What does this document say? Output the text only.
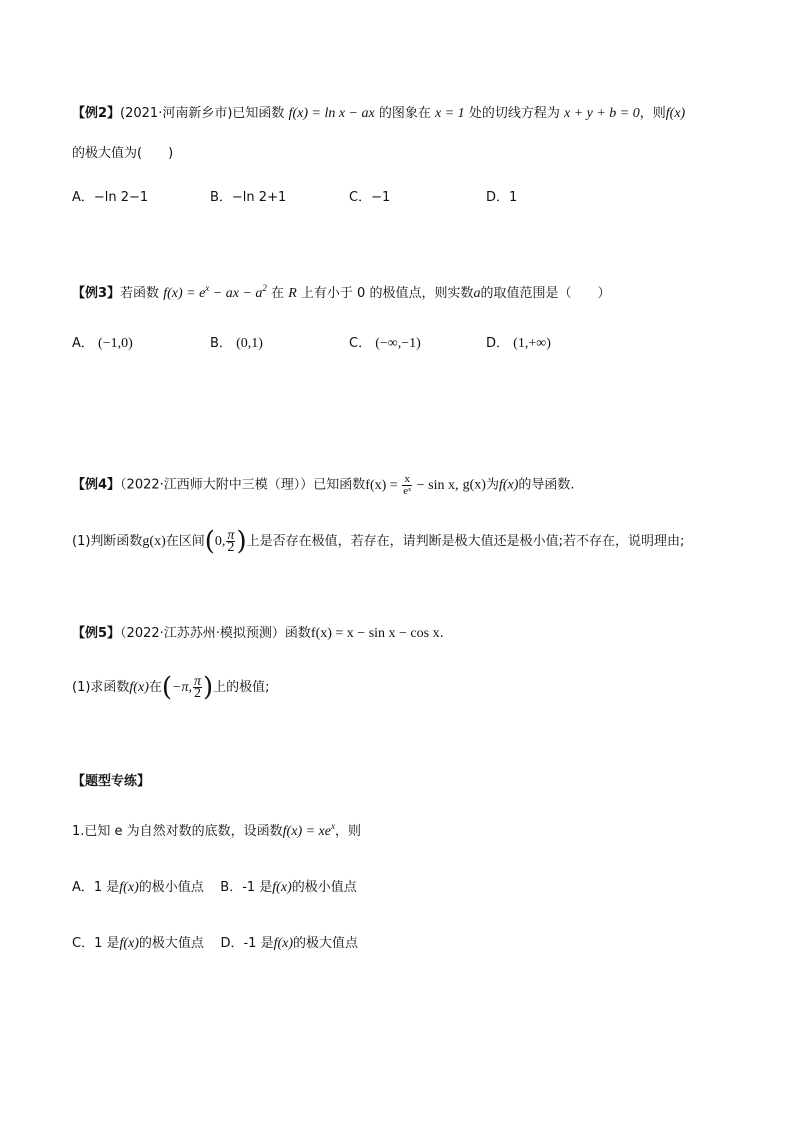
【例2】(2021·河南新乡市)已知函数 f(x) = ln x − ax 的图象在 x = 1 处的切线方程为 x + y + b = 0，则f(x)
的极大值为(　　)
A．−ln 2−1	B．−ln 2+1	C．−1	D．1
【例3】若函数 $f(x) = e^x$ − ax − $a^2$ 在 R 上有小于 0 的极值点，则实数a的取值范围是（　　）
A． (−1,0)	B． (0,1)	C． (−∞,−1)	D． (1,+∞)
【例4】（2022·江西师大附中三模（理））已知函数$f(x) = \frac{x}{\text{eˣ}} - \sin x$, g(x)为f(x)的导函数.
(1)判断函数g(x)在区间(0, $\frac{\pi}{2}$ )上是否存在极值，若存在，请判断是极大值还是极小值;若不存在，说明理由;
【例5】（2022·江苏苏州·模拟预测）函数f(x) = x − sin x − cos x.
(1)求函数f(x)在(−π, $\frac{\pi}{2}$ )上的极值;
【题型专练】
1.已知 e 为自然对数的底数，设函数$f(x) = xe^x$，则
A．1 是f(x)的极小值点 B．-1 是f(x)的极小值点
C．1 是f(x)的极大值点 D．-1 是f(x)的极大值点
